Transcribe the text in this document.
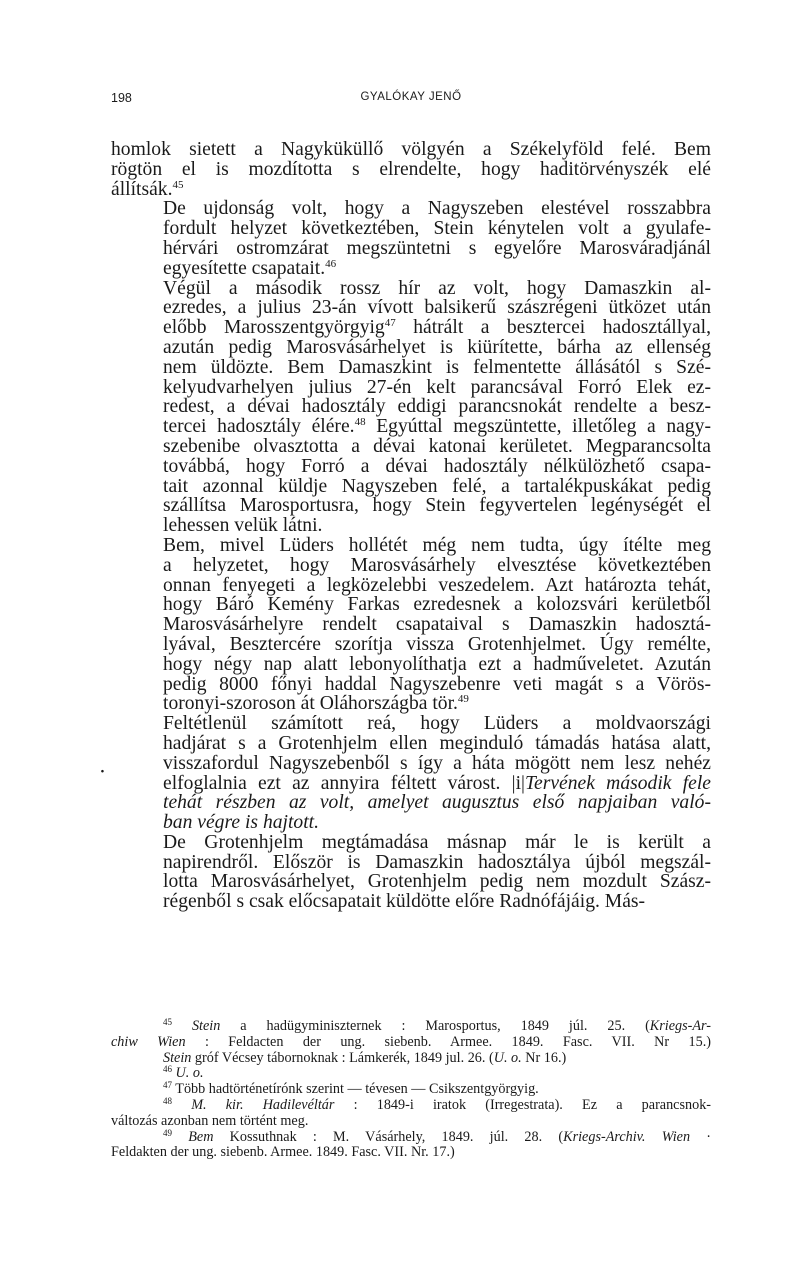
198	GYALÓKAY JENŐ

homlok sietett a Nagyküküllő völgyén a Székelyföld felé. Bem
rögtön el is mozdította s elrendelte, hogy haditörvényszék elé
állítsák.$^{45}$

De ujdonság volt, hogy a Nagyszeben elestével rosszabbra
fordult helyzet következtében, Stein kénytelen volt a gyulafe-
hérvári ostromzárat megszüntetni s egyelőre Marosváradjánál
egyesítette csapatait.$^{46}$

Végül a második rossz hír az volt, hogy Damaszkin al-
ezredes, a julius 23-án vívott balsikerű szászrégeni ütközet után
előbb Marosszentgyörgyig$^{47}$ hátrált a besztercei hadosztállyal,
azután pedig Marosvásárhelyet is kiürítette, bárha az ellenség
nem üldözte. Bem Damaszkint is felmentette állásától s Szé-
kelyudvarhelyen julius 27-én kelt parancsával Forró Elek ez-
redest, a dévai hadosztály eddigi parancsnokát rendelte a besz-
tercei hadosztály élére.$^{48}$ Egyúttal megszüntette, illetőleg a nagy-
szebenibe olvasztotta a dévai katonai kerületet. Megparancsolta
továbbá, hogy Forró a dévai hadosztály nélkülözhető csapa-
tait azonnal küldje Nagyszeben felé, a tartalékpuskákat pedig
szállítsa Marosportusra, hogy Stein fegyvertelen legénységét el
lehessen velük látni.

Bem, mivel Lüders hollétét még nem tudta, úgy ítélte meg
a helyzetet, hogy Marosvásárhely elvesztése következtében
onnan fenyegeti a legközelebbi veszedelem. Azt határozta tehát,
hogy Báró Kemény Farkas ezredesnek a kolozsvári kerületből
Marosvásárhelyre rendelt csapataival s Damaszkin hadosztá-
lyával, Besztercére szorítja vissza Grotenhjelmet. Úgy remélte,
hogy négy nap alatt lebonyolíthatja ezt a hadműveletet. Azután
pedig 8000 főnyi haddal Nagyszebenre veti magát s a Vörös-
toronyi-szoroson át Oláhországba tör.$^{49}$

Feltétlenül számított reá, hogy Lüders a moldvaországi
hadjárat s a Grotenhjelm ellen meginduló támadás hatása alatt,
visszafordul Nagyszebenből s így a háta mögött nem lesz nehéz
elfoglalnia ezt az annyira féltett várost. |i|Tervének második fele
tehát részben az volt, amelyet augusztus első napjaiban való-
ban végre is hajtott.

De Grotenhjelm megtámadása másnap már le is került a
napirendről. Először is Damaszkin hadosztálya újból megszál-
lotta Marosvásárhelyet, Grotenhjelm pedig nem mozdult Szász-
régenből s csak előcsapatait küldötte előre Radnófájáig. Más-

$^{45}$ Stein a hadügyminiszternek : Marosportus, 1849 júl. 25. (Kriegs-Ar-
chiw Wien : Feldacten der ung. siebenb. Armee. 1849. Fasc. VII. Nr 15.)
Stein gróf Vécsey tábornoknak : Lámkerék, 1849 jul. 26. (U. o. Nr 16.)
$^{46}$ U. o.
$^{47}$ Több hadtörténetírónk szerint — tévesen — Csikszentgyörgyig.
$^{48}$ M. kir. Hadilevéltár : 1849-i iratok (Irregestrata). Ez a parancsnok-
változás azonban nem történt meg.
$^{49}$ Bem Kossuthnak : M. Vásárhely, 1849. júl. 28. (Kriegs-Archiv. Wien ·
Feldakten der ung. siebenb. Armee. 1849. Fasc. VII. Nr. 17.)
·
